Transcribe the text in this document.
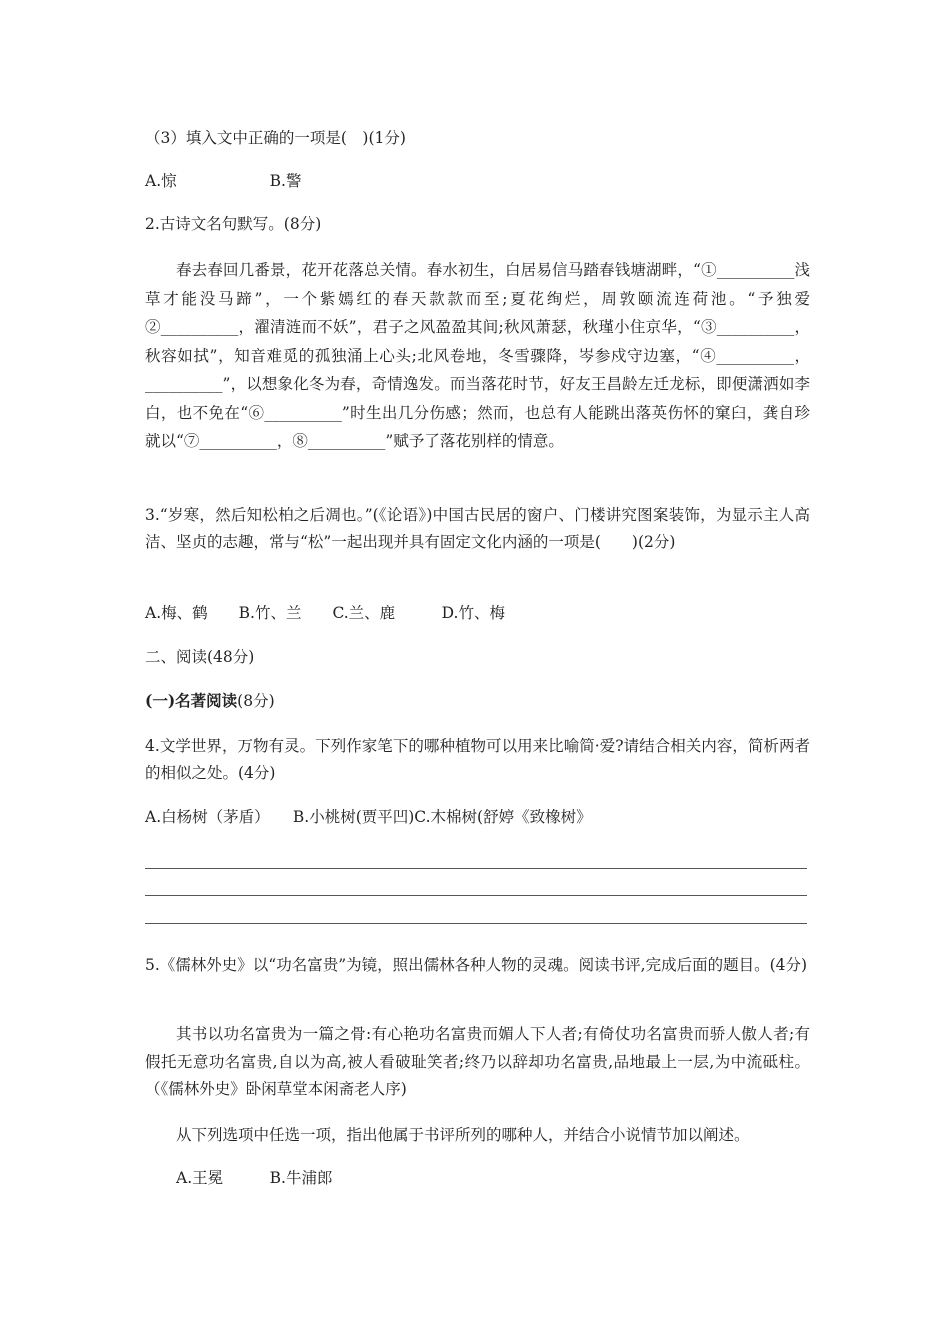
（3）填入文中正确的一项是(　)(1分)
A.惊　　　　　　B.警
2.古诗文名句默写。(8分)
春去春回几番景，花开花落总关情。春水初生，白居易信马踏春钱塘湖畔，“①__________浅草才能没马蹄”，一个紫嫣红的春天款款而至;夏花绚烂，周敦颐流连荷池。“予独爱②__________，濯清涟而不妖”，君子之风盈盈其间;秋风萧瑟，秋瑾小住京华，“③__________，秋容如拭”，知音难觅的孤独涌上心头;北风卷地，冬雪骤降，岑参戍守边塞，“④__________，__________”，以想象化冬为春，奇情逸发。而当落花时节，好友王昌龄左迁龙标，即便潇洒如李白，也不免在“⑥__________”时生出几分伤感；然而，也总有人能跳出落英伤怀的窠臼，龚自珍就以“⑦__________，⑧__________”赋予了落花别样的情意。
3.“岁寒，然后知松柏之后凋也。”(《论语》)中国古民居的窗户、门楼讲究图案装饰，为显示主人高洁、坚贞的志趣，常与“松”一起出现并具有固定文化内涵的一项是(　　)(2分)
A.梅、鹤　　B.竹、兰　　C.兰、鹿　　　D.竹、梅
二、阅读(48分)
(一)名著阅读(8分)
4.文学世界，万物有灵。下列作家笔下的哪种植物可以用来比喻简·爱?请结合相关内容，简析两者的相似之处。(4分)
A.白杨树（茅盾）　　B.小桃树(贾平凹)C.木棉树(舒婷《致橡树》
5.《儒林外史》以“功名富贵”为镜，照出儒林各种人物的灵魂。阅读书评,完成后面的题目。(4分)
其书以功名富贵为一篇之骨:有心艳功名富贵而媚人下人者;有倚仗功名富贵而骄人傲人者;有假托无意功名富贵,自以为高,被人看破耻笑者;终乃以辞却功名富贵,品地最上一层,为中流砥柱。（《儒林外史》卧闲草堂本闲斋老人序)
从下列选项中任选一项，指出他属于书评所列的哪种人，并结合小说情节加以阐述。
A.王冕　　　B.牛浦郎
